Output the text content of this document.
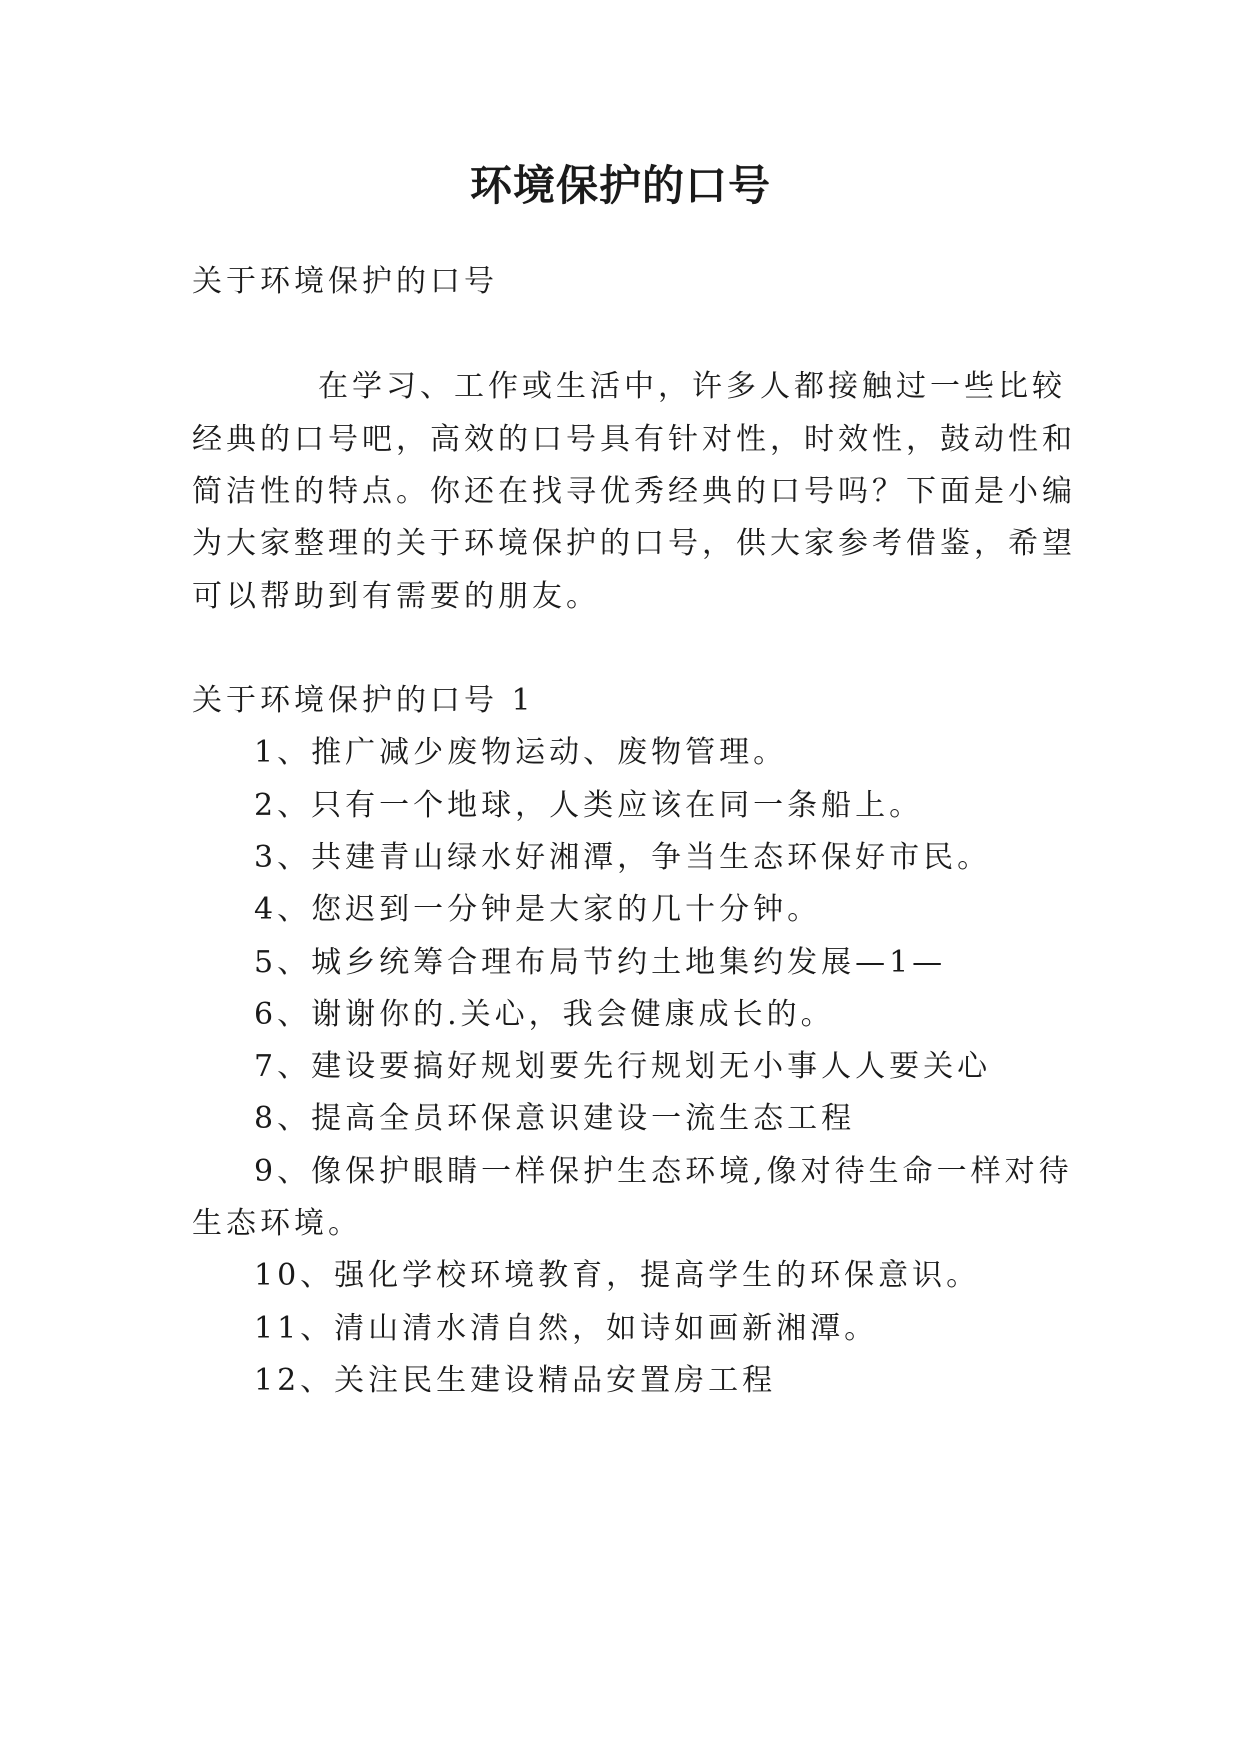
环境保护的口号
关于环境保护的口号
在学习、工作或生活中，许多人都接触过一些比较
经典的口号吧，高效的口号具有针对性，时效性，鼓动性和
简洁性的特点。你还在找寻优秀经典的口号吗？下面是小编
为大家整理的关于环境保护的口号，供大家参考借鉴，希望
可以帮助到有需要的朋友。
关于环境保护的口号 1
1、推广减少废物运动、废物管理。
2、只有一个地球，人类应该在同一条船上。
3、共建青山绿水好湘潭，争当生态环保好市民。
4、您迟到一分钟是大家的几十分钟。
5、城乡统筹合理布局节约土地集约发展—1—
6、谢谢你的.关心，我会健康成长的。
7、建设要搞好规划要先行规划无小事人人要关心
8、提高全员环保意识建设一流生态工程
9、像保护眼睛一样保护生态环境,像对待生命一样对待
生态环境。
10、强化学校环境教育，提高学生的环保意识。
11、清山清水清自然，如诗如画新湘潭。
12、关注民生建设精品安置房工程
